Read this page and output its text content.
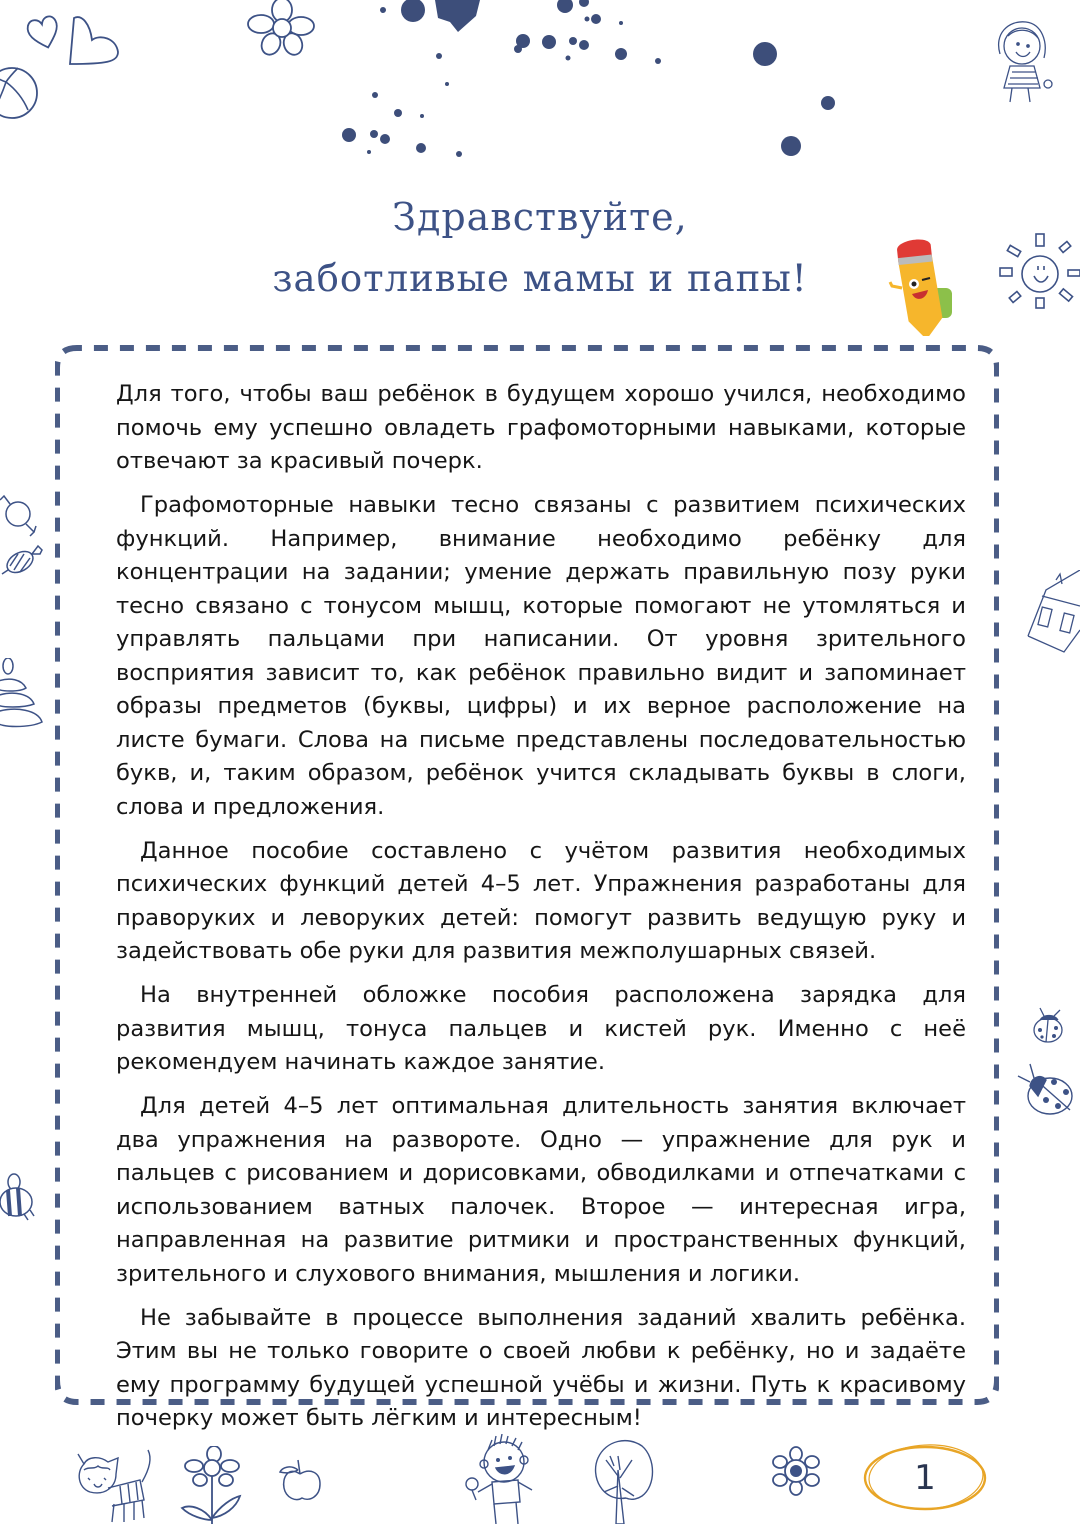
Здравствуйте,
заботливые мамы и папы!

Для того, чтобы ваш ребёнок в будущем хорошо учился, необходимо помочь ему успешно овладеть графомоторными навыками, которые отвечают за красивый почерк.

Графомоторные навыки тесно связаны с развитием психических функций. Например, внимание необходимо ребёнку для концентрации на задании; умение держать правильную позу руки тесно связано с тонусом мышц, которые помогают не утомляться и управлять пальцами при написании. От уровня зрительного восприятия зависит то, как ребёнок правильно видит и запоминает образы предметов (буквы, цифры) и их верное расположение на листе бумаги. Слова на письме представлены последовательностью букв, и, таким образом, ребёнок учится складывать буквы в слоги, слова и предложения.

Данное пособие составлено с учётом развития необходимых психических функций детей 4–5 лет. Упражнения разработаны для праворуких и леворуких детей: помогут развить ведущую руку и задействовать обе руки для развития межполушарных связей.

На внутренней обложке пособия расположена зарядка для развития мышц, тонуса пальцев и кистей рук. Именно с неё рекомендуем начинать каждое занятие.

Для детей 4–5 лет оптимальная длительность занятия включает два упражнения на развороте. Одно — упражнение для рук и пальцев с рисованием и дорисовками, обводилками и отпечатками с использованием ватных палочек. Второе — интересная игра, направленная на развитие ритмики и пространственных функций, зрительного и слухового внимания, мышления и логики.

Не забывайте в процессе выполнения заданий хвалить ребёнка. Этим вы не только говорите о своей любви к ребёнку, но и задаёте ему программу будущей успешной учёбы и жизни. Путь к красивому почерку может быть лёгким и интересным!

1
